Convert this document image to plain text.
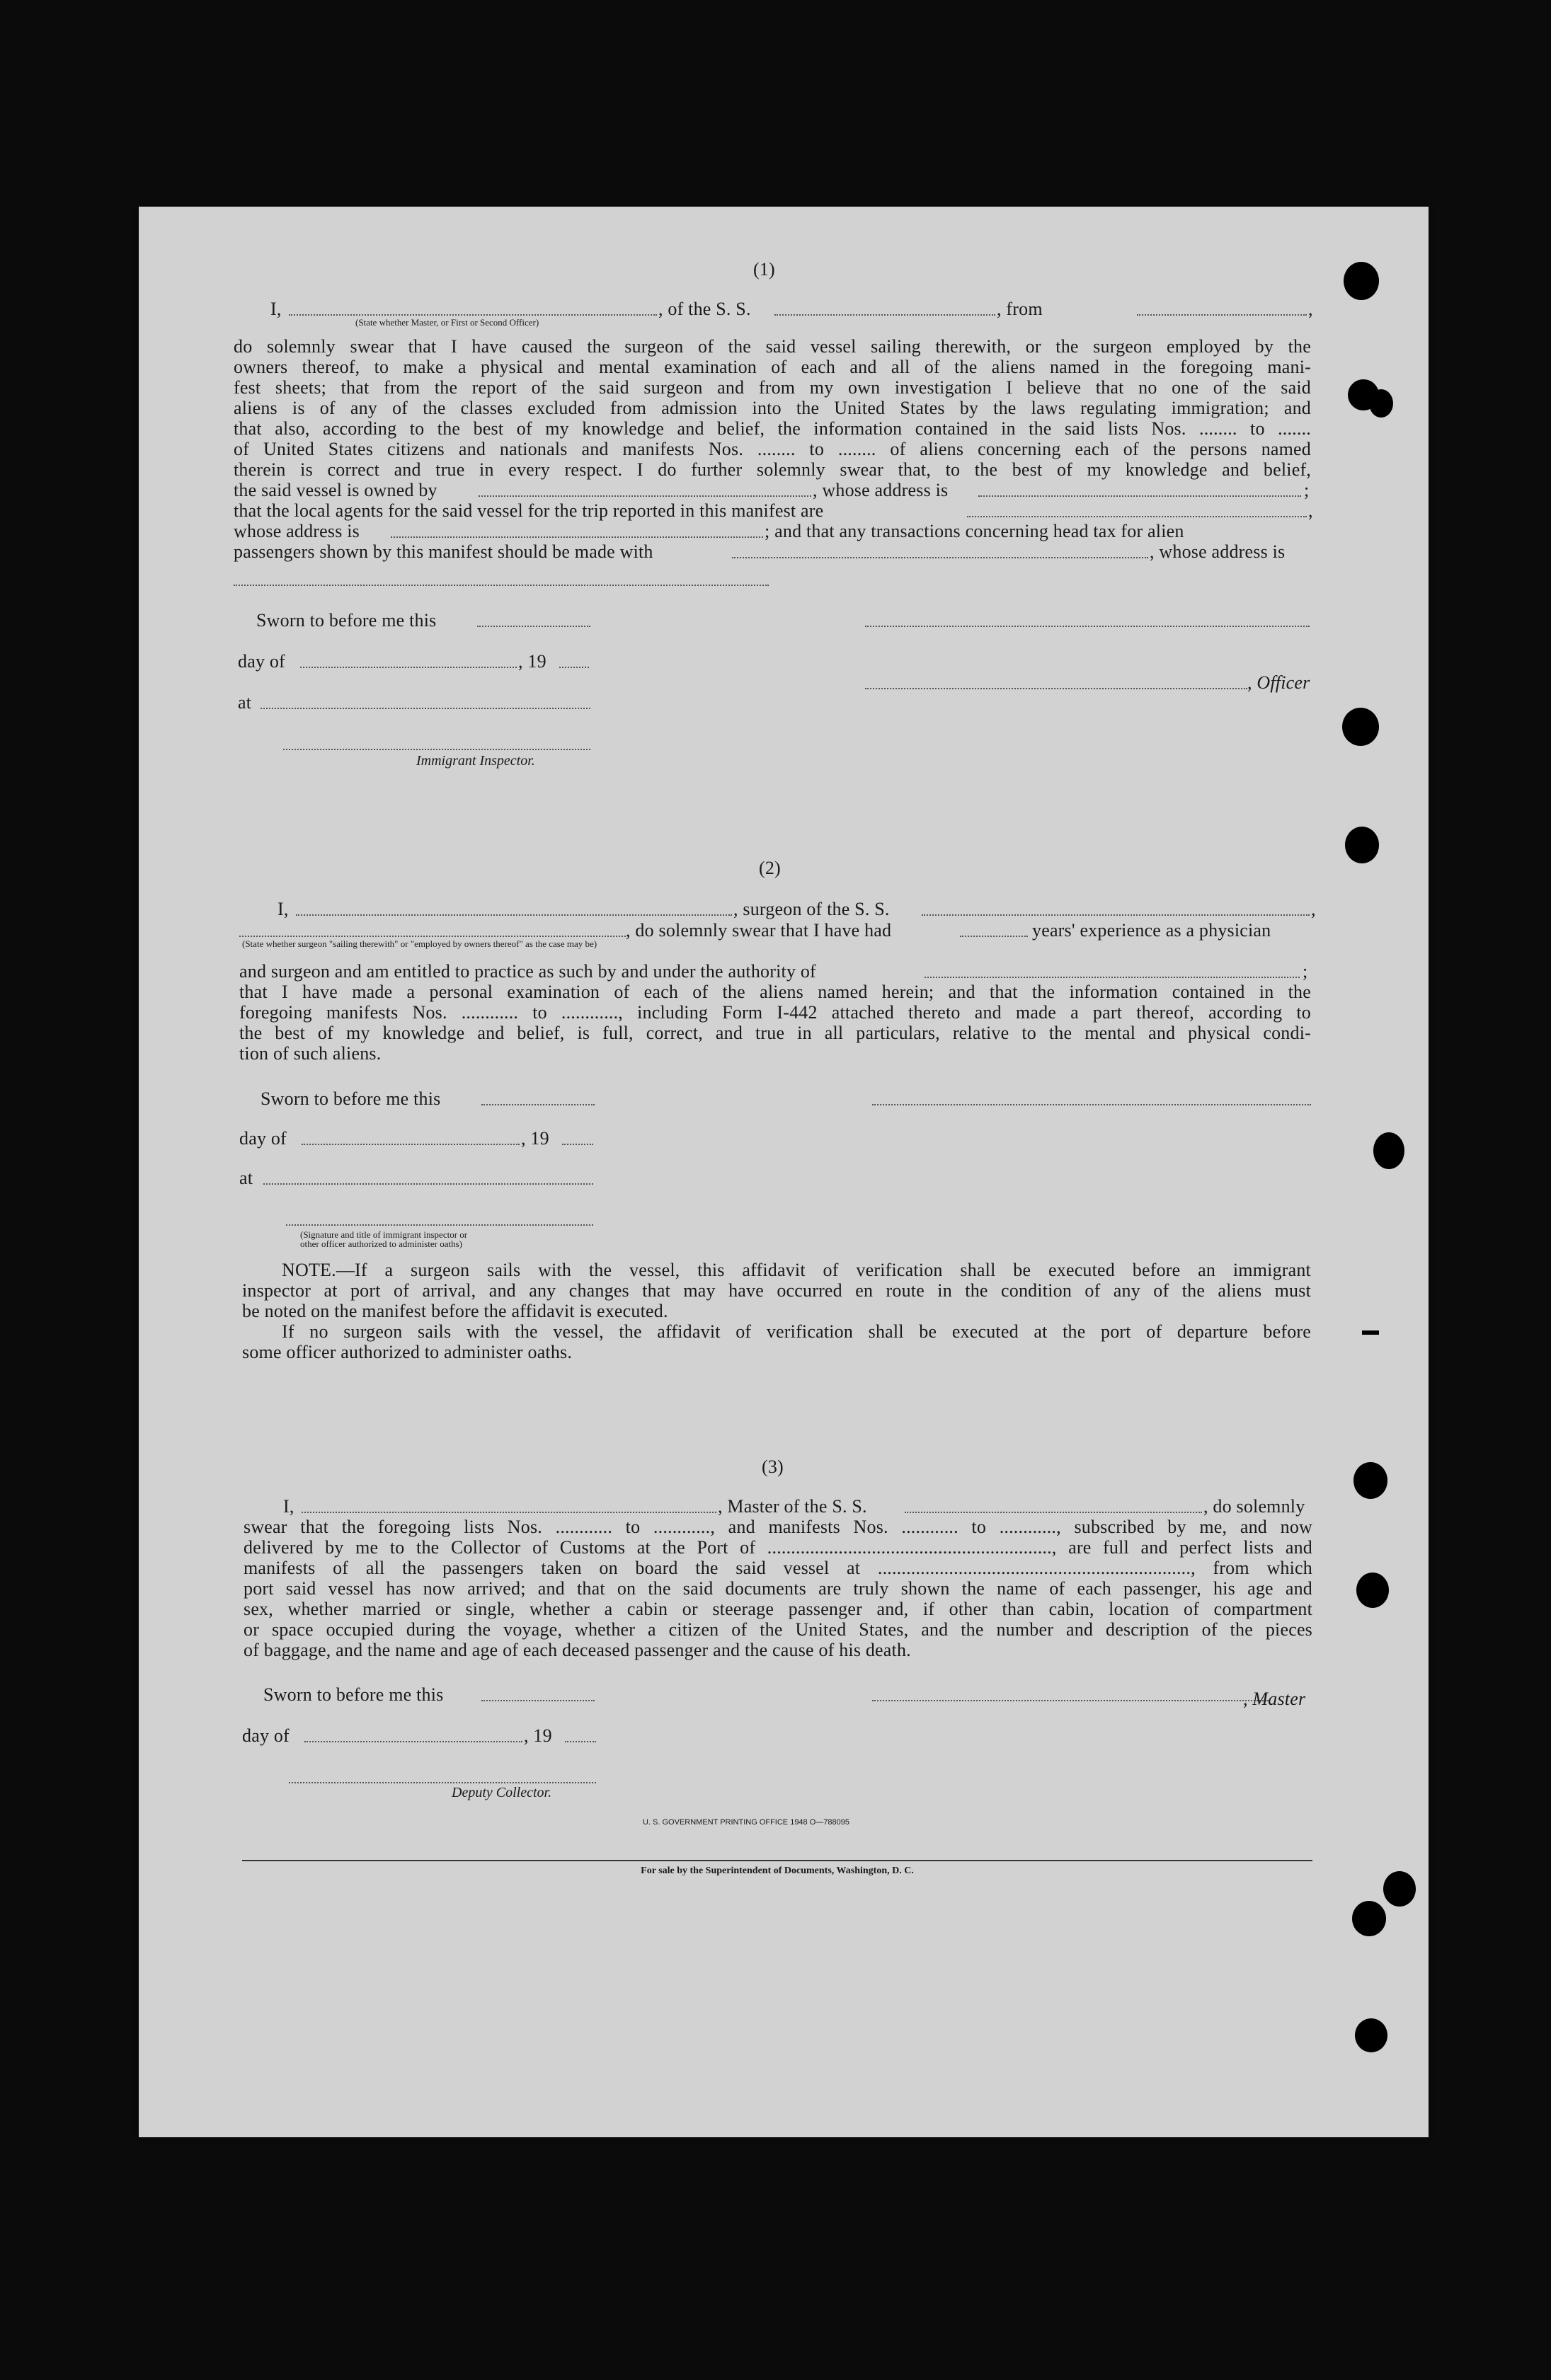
(1)
I,	, of the S. S.	, from	,
(State whether Master, or First or Second Officer)
do solemnly swear that I have caused the surgeon of the said vessel sailing therewith, or the surgeon employed by the
owners thereof, to make a physical and mental examination of each and all of the aliens named in the foregoing mani-
fest sheets; that from the report of the said surgeon and from my own investigation I believe that no one of the said
aliens is of any of the classes excluded from admission into the United States by the laws regulating immigration; and
that also, according to the best of my knowledge and belief, the information contained in the said lists Nos. ........ to .......
of United States citizens and nationals and manifests Nos. ........ to ........ of aliens concerning each of the persons named
therein is correct and true in every respect. I do further solemnly swear that, to the best of my knowledge and belief,
the said vessel is owned by	, whose address is	;
that the local agents for the said vessel for the trip reported in this manifest are	,
whose address is	; and that any transactions concerning head tax for alien
passengers shown by this manifest should be made with	, whose address is
Sworn to before me this
day of	, 19
, Officer
at
Immigrant Inspector.
(2)
I,	, surgeon of the S. S.	,
, do solemnly swear that I have had	years' experience as a physician
(State whether surgeon "sailing therewith" or "employed by owners thereof" as the case may be)
and surgeon and am entitled to practice as such by and under the authority of	;
that I have made a personal examination of each of the aliens named herein; and that the information contained in the
foregoing manifests Nos. ............ to ............, including Form I-442 attached thereto and made a part thereof, according to
the best of my knowledge and belief, is full, correct, and true in all particulars, relative to the mental and physical condi-
tion of such aliens.
Sworn to before me this
day of	, 19
at
(Signature and title of immigrant inspector or
other officer authorized to administer oaths)
NOTE.—If a surgeon sails with the vessel, this affidavit of verification shall be executed before an immigrant
inspector at port of arrival, and any changes that may have occurred en route in the condition of any of the aliens must
be noted on the manifest before the affidavit is executed.
If no surgeon sails with the vessel, the affidavit of verification shall be executed at the port of departure before
some officer authorized to administer oaths.
(3)
I,	, Master of the S. S.	, do solemnly
swear that the foregoing lists Nos. ............ to ............, and manifests Nos. ............ to ............, subscribed by me, and now
delivered by me to the Collector of Customs at the Port of ............................................................, are full and perfect lists and
manifests of all the passengers taken on board the said vessel at .................................................................., from which
port said vessel has now arrived; and that on the said documents are truly shown the name of each passenger, his age and
sex, whether married or single, whether a cabin or steerage passenger and, if other than cabin, location of compartment
or space occupied during the voyage, whether a citizen of the United States, and the number and description of the pieces
of baggage, and the name and age of each deceased passenger and the cause of his death.
Sworn to before me this	, Master
day of	, 19
Deputy Collector.
U. S. GOVERNMENT PRINTING OFFICE 1948 O—788095
For sale by the Superintendent of Documents, Washington, D. C.
